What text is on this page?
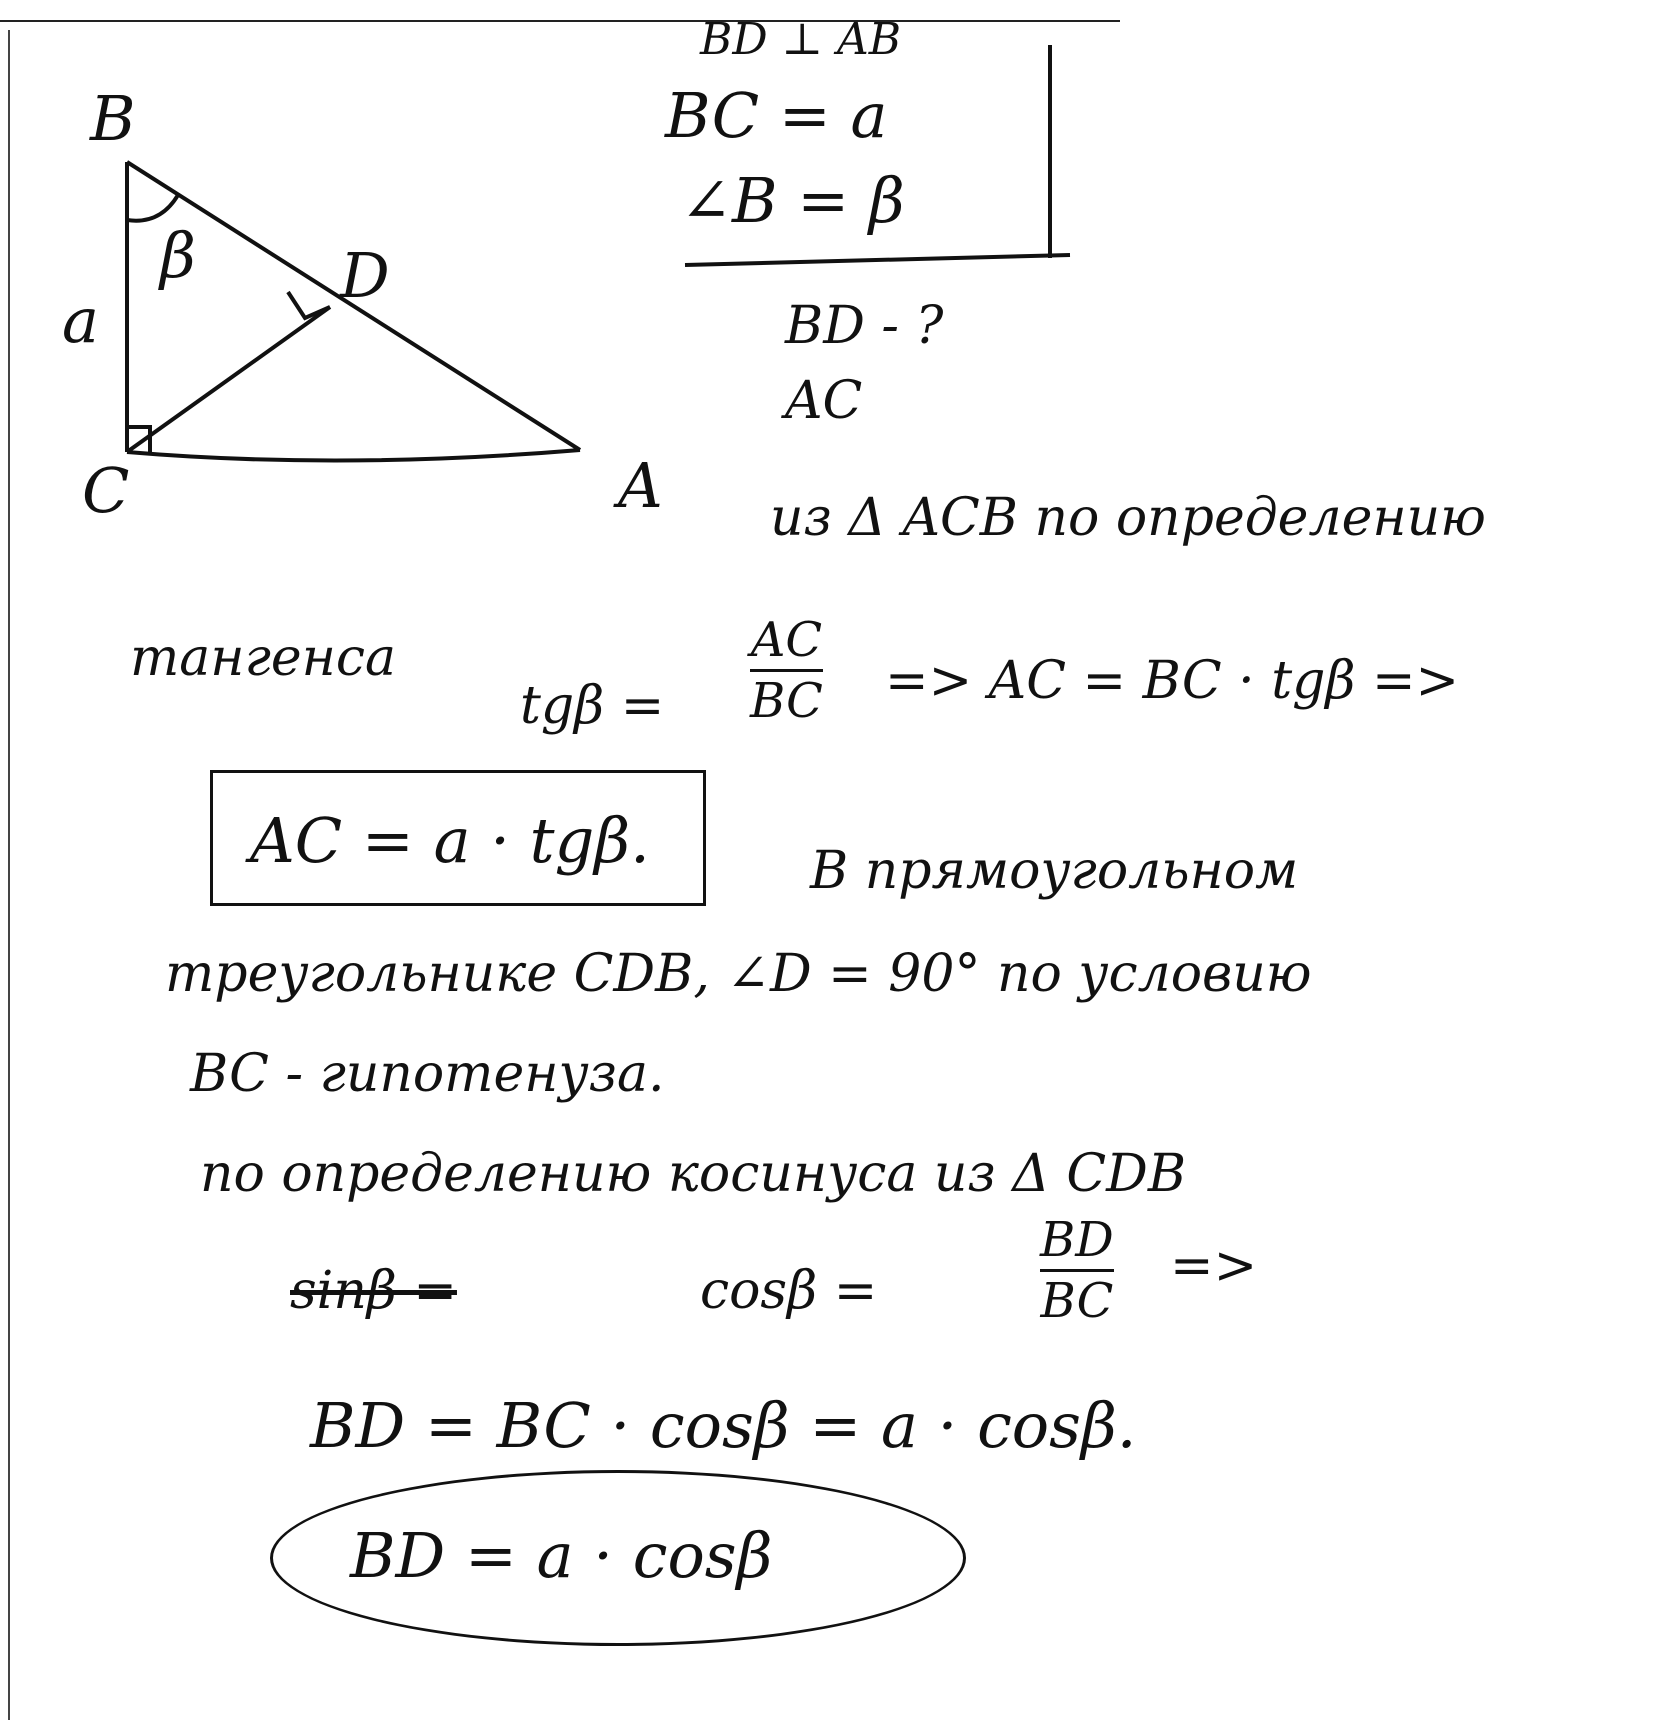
B
C	A
D
β
a
BD ⊥ AB
BC = a
∠B = β
BD - ?
AC
из Δ ACB по определению
тангенса
tgβ =
AC
BC => AC = BC · tgβ =>
AC = a · tgβ.	В прямоугольном
треугольнике CDB, ∠D = 90° по условию
BC - гипотенуза.
по определению косинуса из Δ CDB
sinβ =	cosβ =
BD
BC
=>
BD = BC · cosβ = a · cosβ.
BD = a · cosβ
